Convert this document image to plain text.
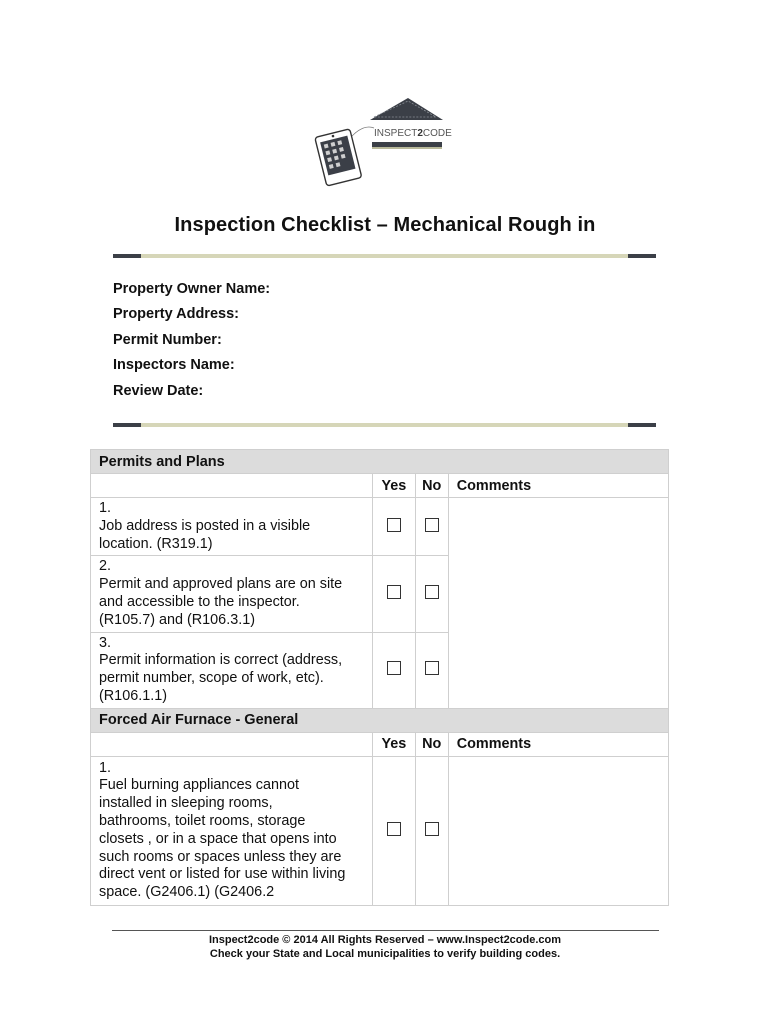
INSPECT2CODE
Inspection Checklist – Mechanical Rough in
Property Owner Name:
Property Address:
Permit Number:
Inspectors Name:
Review Date:
Permits and Plans			
	Yes	No	Comments
1.Job address is posted in a visible location. (R319.1)			
2.Permit and approved plans are on site and accessible to the inspector. (R105.7) and (R106.3.1)			
3.Permit information is correct (address, permit number, scope of work, etc). (R106.1.1)			
Forced Air Furnace - General			
	Yes	No	Comments
1.Fuel burning appliances cannot installed in sleeping rooms, bathrooms, toilet rooms, storage closets , or in a space that opens into such rooms or spaces unless they are direct vent or listed for use within living space. (G2406.1) (G2406.2			
Inspect2code © 2014 All Rights Reserved – www.Inspect2code.com
Check your State and Local municipalities to verify building codes.
